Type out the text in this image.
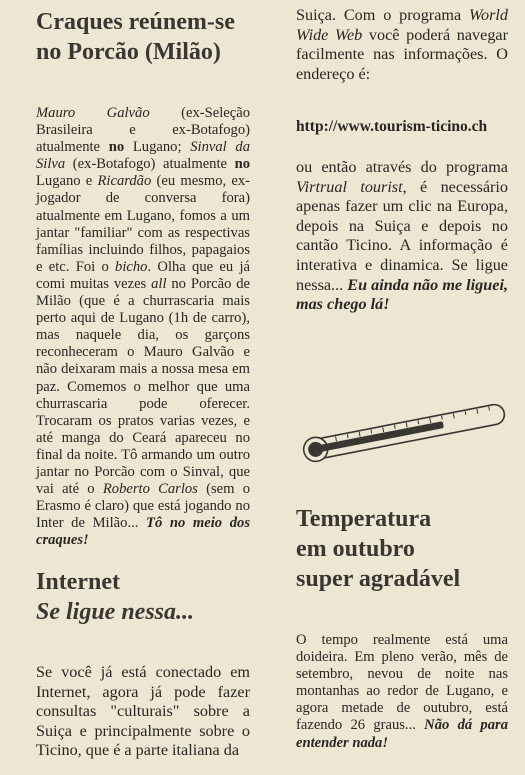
Craques reúnem-se
no Porcão (Milão)

Mauro Galvão (ex-Seleção Brasileira e ex-Botafogo) atualmente no Lugano; Sinval da Silva (ex-Botafogo) atualmente no Lugano e Ricardão (eu mesmo, ex-jogador de conversa fora) atualmente em Lugano, fomos a um jantar "familiar" com as respectivas famílias incluindo filhos, papagaios e etc. Foi o bicho. Olha que eu já comi muitas vezes all no Porcão de Milão (que é a churrascaria mais perto aqui de Lugano (1h de carro), mas naquele dia, os garçons reconheceram o Mauro Galvão e não deixaram mais a nossa mesa em paz. Comemos o melhor que uma churrascaria pode oferecer. Trocaram os pratos varias vezes, e até manga do Ceará apareceu no final da noite. Tô armando um outro jantar no Porcão com o Sinval, que vai até o Roberto Carlos (sem o Erasmo é claro) que está jogando no Inter de Milão... Tô no meio dos craques!

Internet
Se ligue nessa...

Se você já está conectado em Internet, agora já pode fazer consultas "culturais" sobre a Suiça e principalmente sobre o Ticino, que é a parte italiana da

Suiça. Com o programa World Wide Web você poderá navegar facilmente nas informações. O endereço é:

http://www.tourism-ticino.ch

ou então através do programa Virtrual tourist, é necessário apenas fazer um clic na Europa, depois na Suiça e depois no cantão Ticino. A informação é interativa e dinamica. Se ligue nessa... Eu ainda não me liguei, mas chego lá!

Temperatura
em outubro
super agradável

O tempo realmente está uma doideira. Em pleno verão, mês de setembro, nevou de noite nas montanhas ao redor de Lugano, e agora metade de outubro, está fazendo 26 graus... Não dá para entender nada!
